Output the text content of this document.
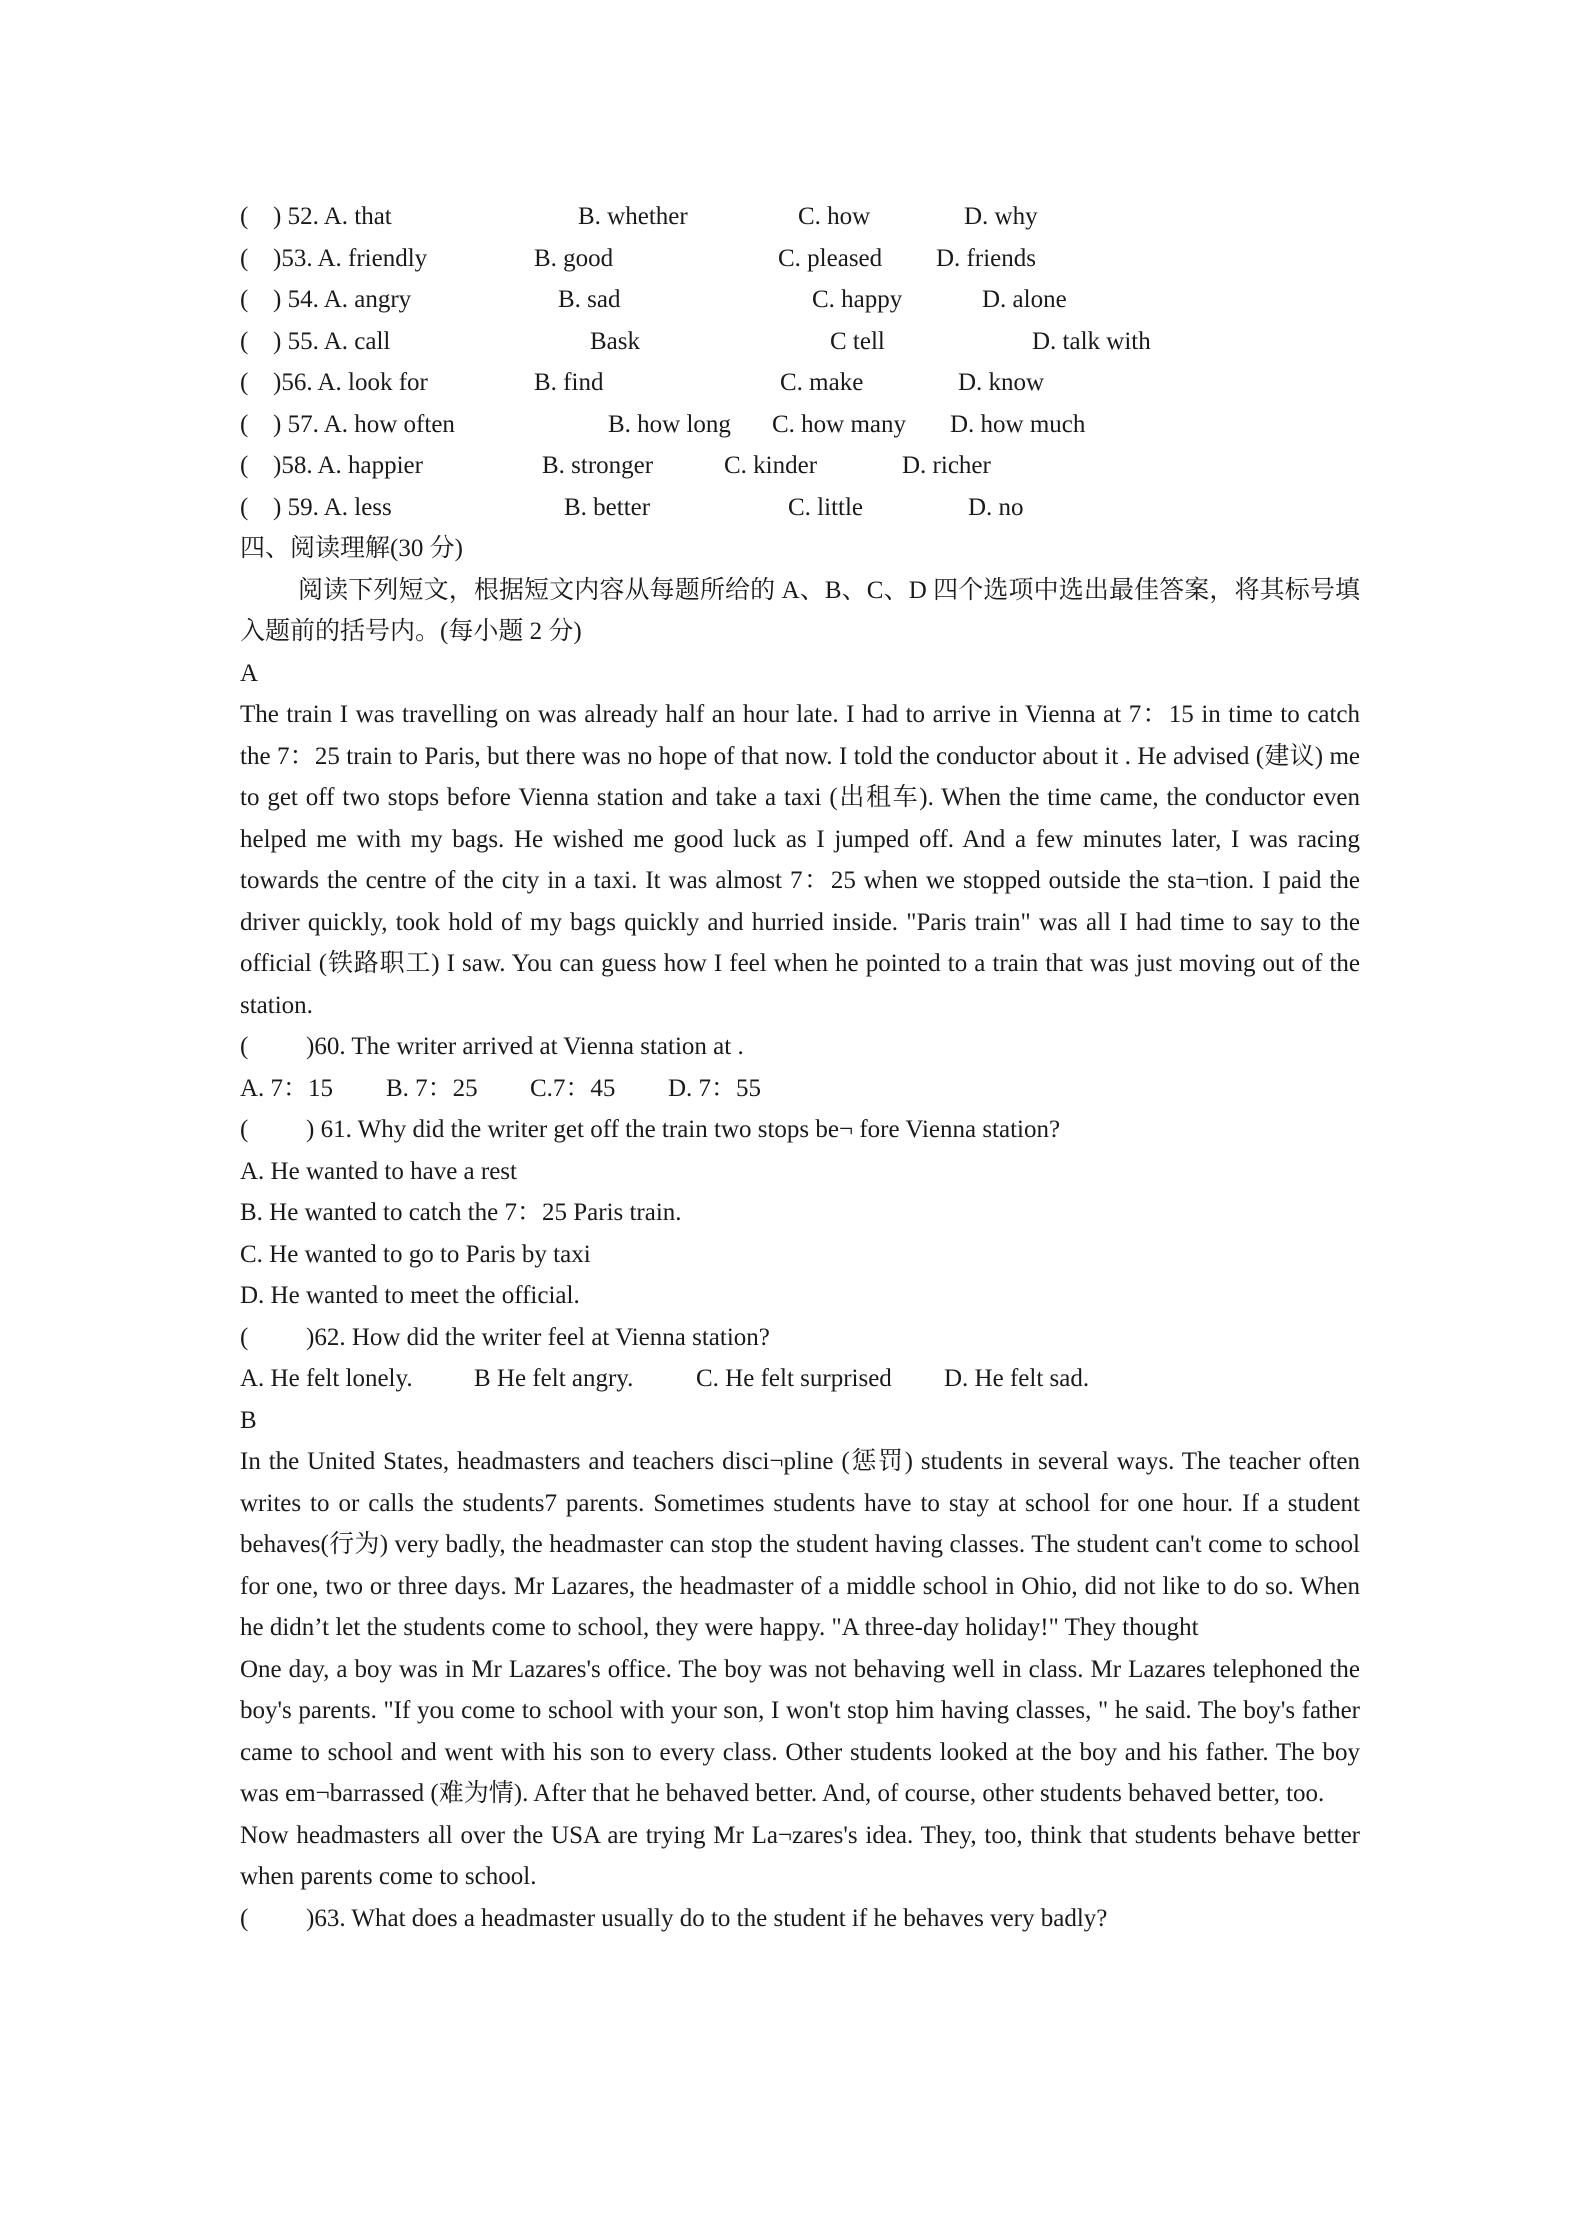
( ) 52. A. that	B. whether	C. how	D. why
( )53. A. friendly	B. good	C. pleased D. friends
( ) 54. A. angry	B. sad	C. happy	D. alone
( ) 55. A. call	Bask	C tell	D. talk with
( )56. A. look for	B. find	C. make	D. know
( ) 57. A. how often	B. how long C. how many D. how much
( )58. A. happier	B. stronger	C. kinder	D. richer
( ) 59. A. less	B. better	C. little	D. no

四、阅读理解(30 分)

阅读下列短文，根据短文内容从每题所给的 A、B、C、D 四个选项中选出最佳答案，将其标号填入题前的括号内。(每小题 2 分)

A

The train I was travelling on was already half an hour late. I had to arrive in Vienna at 7：15 in time to catch the 7：25 train to Paris, but there was no hope of that now. I told the conductor about it . He advised (建议) me to get off two stops before Vienna station and take a taxi (出租车). When the time came, the conductor even helped me with my bags. He wished me good luck as I jumped off. And a few minutes later, I was racing towards the centre of the city in a taxi. It was almost 7：25 when we stopped outside the sta¬tion. I paid the driver quickly, took hold of my bags quickly and hurried inside. "Paris train" was all I had time to say to the official (铁路职工) I saw. You can guess how I feel when he pointed to a train that was just moving out of the station.

( )60. The writer arrived at Vienna station at .
A. 7：15 B. 7：25 C.7：45 D. 7：55
( ) 61. Why did the writer get off the train two stops be¬ fore Vienna station?

A. He wanted to have a rest

B. He wanted to catch the 7：25 Paris train.

C. He wanted to go to Paris by taxi

D. He wanted to meet the official.

( )62. How did the writer feel at Vienna station?
A. He felt lonely. B He felt angry.	C. He felt surprised D. He felt sad.

B

In the United States, headmasters and teachers disci¬pline (惩罚) students in several ways. The teacher often writes to or calls the students7 parents. Sometimes students have to stay at school for one hour. If a student behaves(行为) very badly, the headmaster can stop the student having classes. The student can't come to school for one, two or three days. Mr Lazares, the headmaster of a middle school in Ohio, did not like to do so. When he didn’t let the students come to school, they were happy. "A three-day holiday!" They thought

One day, a boy was in Mr Lazares's office. The boy was not behaving well in class. Mr Lazares telephoned the boy's parents. "If you come to school with your son, I won't stop him having classes, " he said. The boy's father came to school and went with his son to every class. Other students looked at the boy and his father. The boy was em¬barrassed (难为情). After that he behaved better. And, of course, other students behaved better, too.

Now headmasters all over the USA are trying Mr La¬zares's idea. They, too, think that students behave better when parents come to school.

( )63. What does a headmaster usually do to the student if he behaves very badly?
